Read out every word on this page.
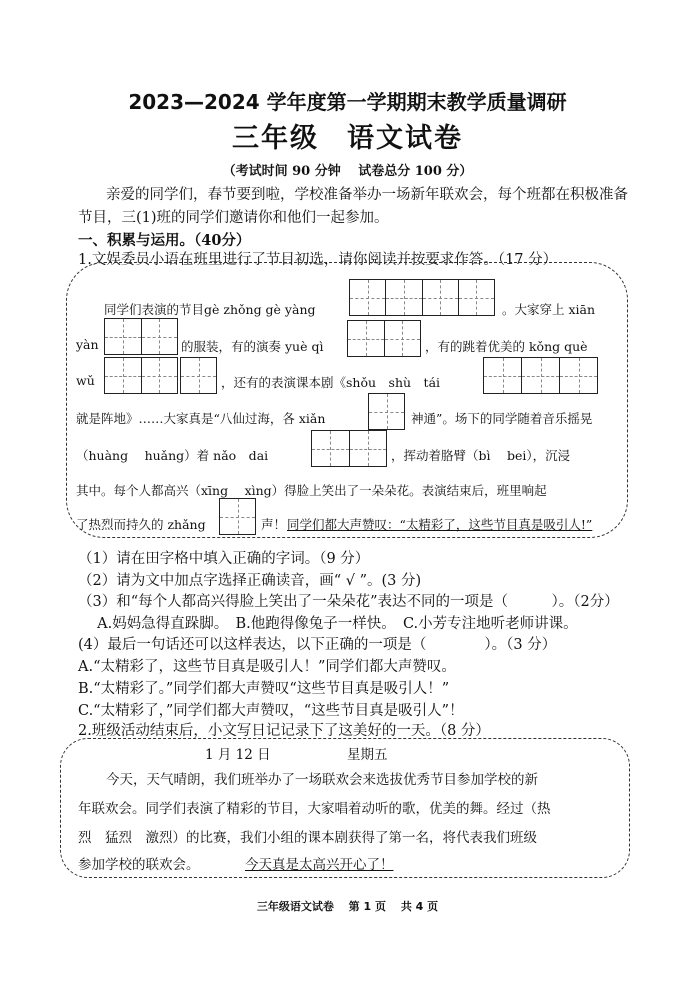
2023—2024 学年度第一学期期末教学质量调研
三年级 语文试卷
（考试时间 90 分钟　 试卷总分 100 分）
亲爱的同学们，春节要到啦，学校准备举办一场新年联欢会，每个班都在积极准备节目，三(1)班的同学们邀请你和他们一起参加。
一、积累与运用。（40分）
1.文娱委员小语在班里进行了节目初选，请你阅读并按要求作答。（17 分）
同学们表演的节目gè zhǒng gè yàng	。大家穿上 xiān
yàn	的服装，有的演奏 yuè qì	，有的跳着优美的 kǒng què
wǔ	，还有的表演课本剧《shǒu　shù　tái
就是阵地》……大家真是“八仙过海，各 xiǎn	神通”。场下的同学随着音乐摇晃
（huàng　 huǎng）着 nǎo　dai	，挥动着胳臂（bì　 bei），沉浸
其中。每个人都高兴（xīng　 xìng）得脸上笑出了一朵朵花。表演结束后，班里响起
了热烈而持久的 zhǎng	声！ 同学们都大声赞叹：“太精彩了，这些节目真是吸引人!”
（1）请在田字格中填入正确的字词。（9 分）
（2）请为文中加点字选择正确读音，画“ √ ”。(3 分)
（3）和“每个人都高兴得脸上笑出了一朵朵花”表达不同的一项是（　　　）。（2分）
　 A.妈妈急得直跺脚。　B.他跑得像兔子一样快。　C.小芳专注地听老师讲课。
(4）最后一句话还可以这样表达，以下正确的一项是（　　　　）。（3 分）
A.“太精彩了，这些节目真是吸引人！”同学们都大声赞叹。
B.“太精彩了。”同学们都大声赞叹“这些节目真是吸引人！”
C.“太精彩了，”同学们都大声赞叹，“这些节目真是吸引人”！
2.班级活动结束后，小文写日记记录下了这美好的一天。（8 分）
1 月 12 日	星期五
今天，天气晴朗，我们班举办了一场联欢会来选拔优秀节目参加学校的新
年联欢会。同学们表演了精彩的节目，大家唱着动听的歌，优美的舞。经过（热
烈　猛烈　激烈）的比赛，我们小组的课本剧获得了第一名，将代表我们班级
参加学校的联欢会。	今天真是太高兴开心了！
三年级语文试卷　 第 1 页　 共 4 页
